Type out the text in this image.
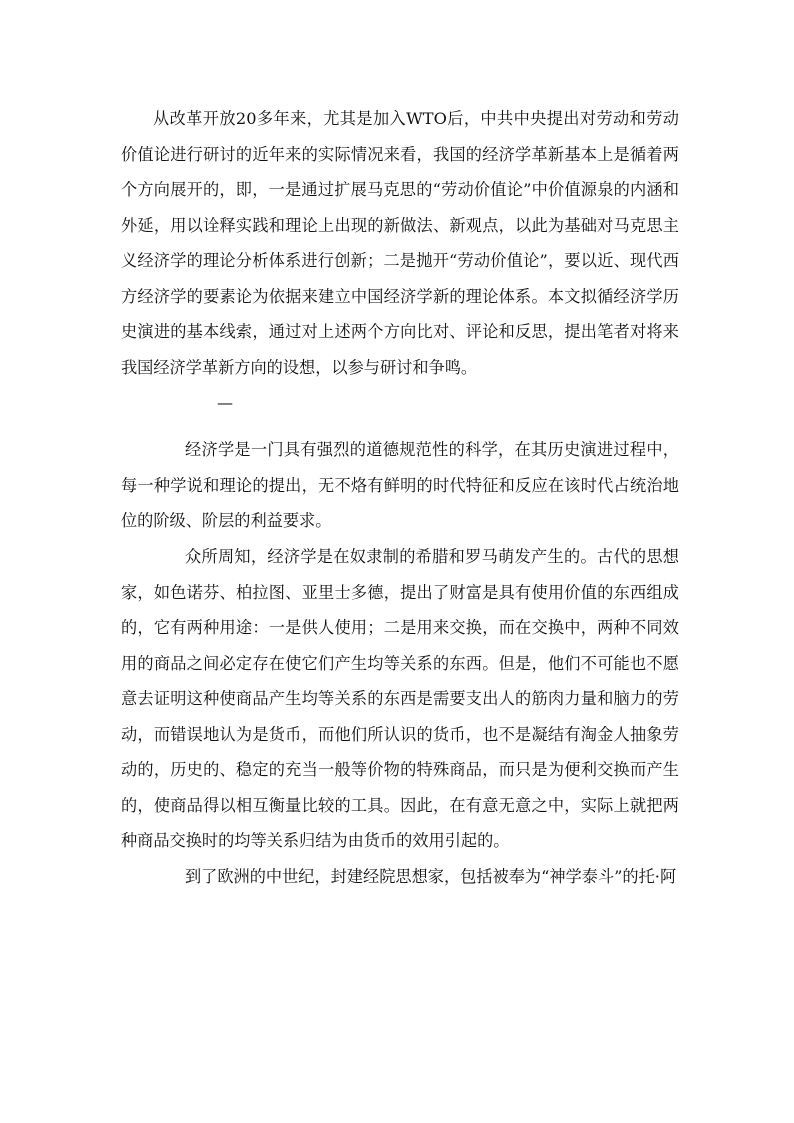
从改革开放20多年来，尤其是加入WTO后，中共中央提出对劳动和劳动价值论进行研讨的近年来的实际情况来看，我国的经济学革新基本上是循着两个方向展开的，即，一是通过扩展马克思的“劳动价值论”中价值源泉的内涵和外延，用以诠释实践和理论上出现的新做法、新观点，以此为基础对马克思主义经济学的理论分析体系进行创新；二是抛开“劳动价值论”，要以近、现代西方经济学的要素论为依据来建立中国经济学新的理论体系。本文拟循经济学历史演进的基本线索，通过对上述两个方向比对、评论和反思，提出笔者对将来我国经济学革新方向的设想，以参与研讨和争鸣。

—

经济学是一门具有强烈的道德规范性的科学，在其历史演进过程中，每一种学说和理论的提出，无不烙有鲜明的时代特征和反应在该时代占统治地位的阶级、阶层的利益要求。

众所周知，经济学是在奴隶制的希腊和罗马萌发产生的。古代的思想家，如色诺芬、柏拉图、亚里士多德，提出了财富是具有使用价值的东西组成的，它有两种用途：一是供人使用；二是用来交换，而在交换中，两种不同效用的商品之间必定存在使它们产生均等关系的东西。但是，他们不可能也不愿意去证明这种使商品产生均等关系的东西是需要支出人的筋肉力量和脑力的劳动，而错误地认为是货币，而他们所认识的货币，也不是凝结有淘金人抽象劳动的，历史的、稳定的充当一般等价物的特殊商品，而只是为便利交换而产生的，使商品得以相互衡量比较的工具。因此，在有意无意之中，实际上就把两种商品交换时的均等关系归结为由货币的效用引起的。

到了欧洲的中世纪，封建经院思想家，包括被奉为“神学泰斗”的托·阿
